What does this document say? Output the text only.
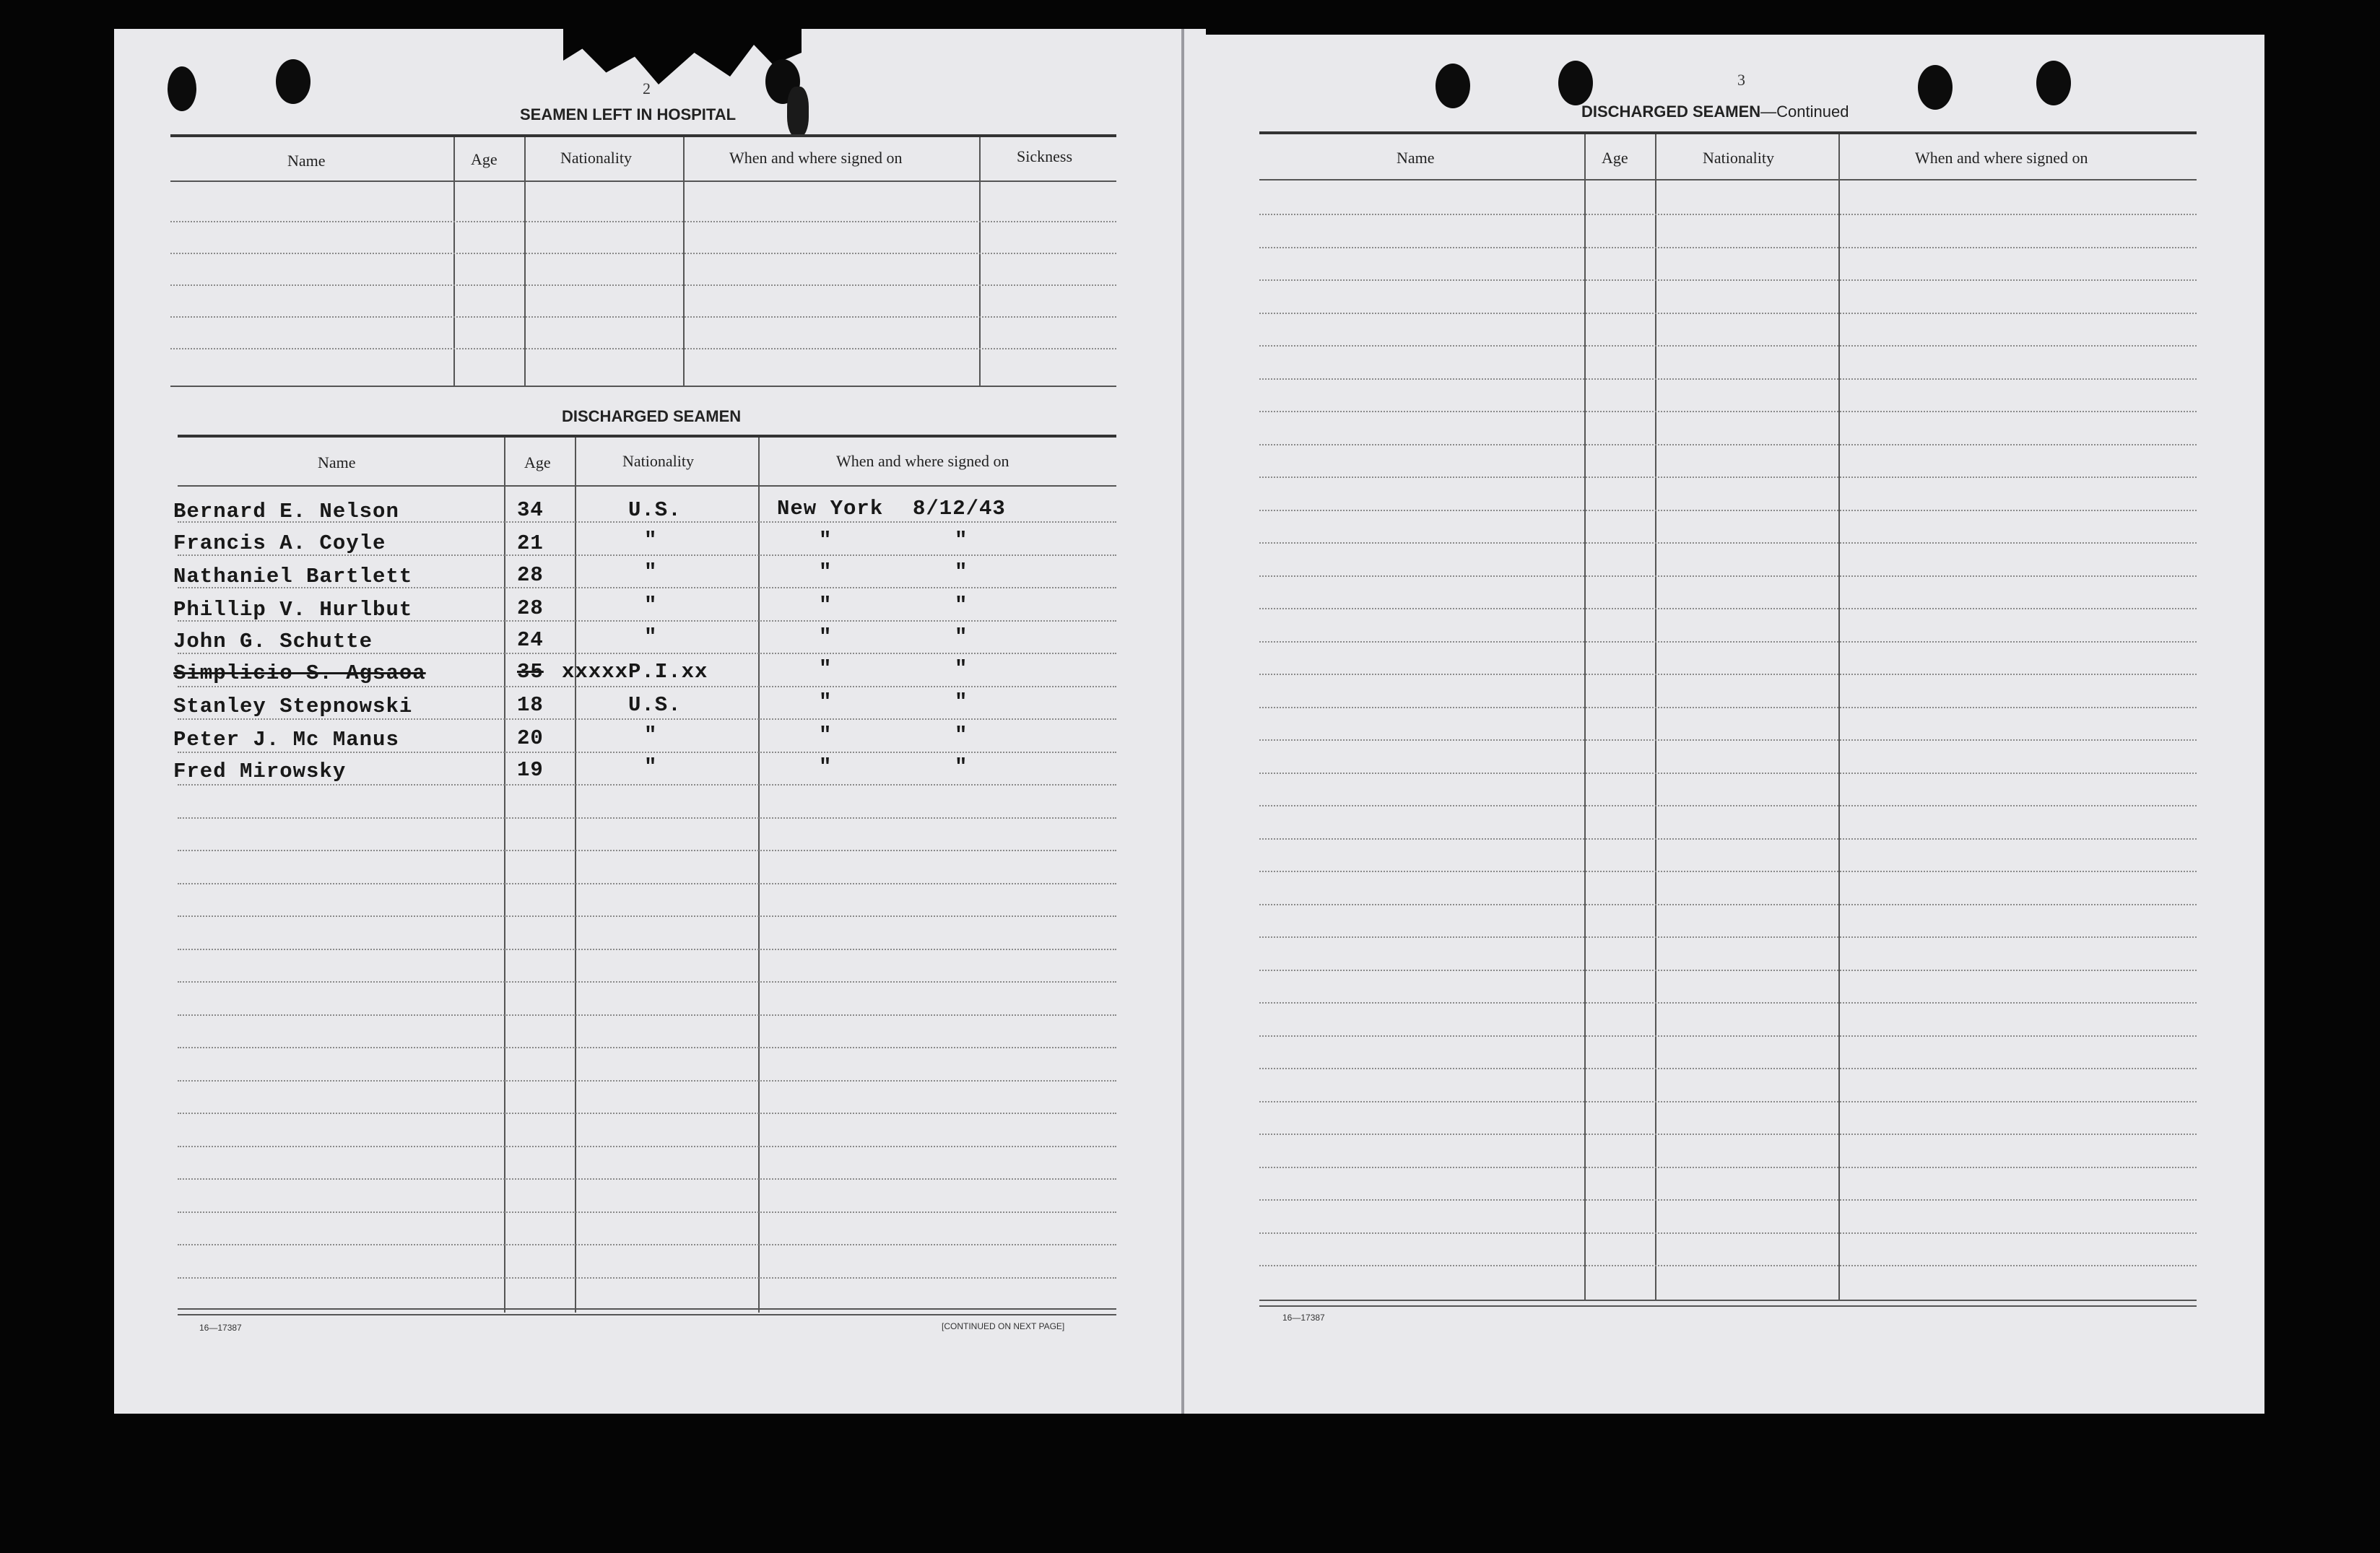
2
SEAMEN LEFT IN HOSPITAL
Name	Age	Nationality	When and where signed on	Sickness
DISCHARGED SEAMEN
Name	Age	Nationality	When and where signed on
Bernard E. Nelson	34	U.S.	New York 8/12/43
Francis A. Coyle	21	"	"	"
Nathaniel Bartlett	28	"	"	"
Phillip V. Hurlbut	28	"	"	"
John G. Schutte	24	"	"	"
Simplicio S. Agsaoa	35 xxxxxP.I.xx	"	"
Stanley Stepnowski	18	U.S.	"	"
Peter J. Mc Manus	20	"	"	"
Fred Mirowsky	19	"	"	"
16—17387	[CONTINUED ON NEXT PAGE]
3
DISCHARGED SEAMEN—Continued
Name	Age	Nationality	When and where signed on
16—17387
